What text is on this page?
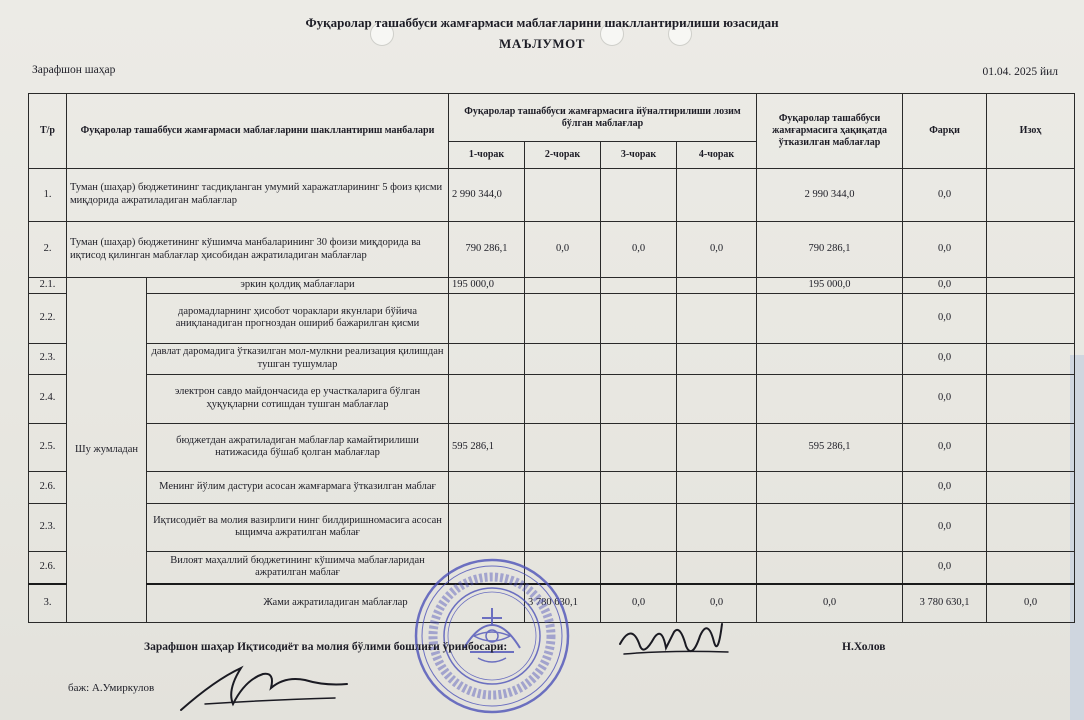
Фуқаролар ташаббуси жамғармаси маблағларини шакллантирилиши юзасидан
МАЪЛУМОТ
Зарафшон шаҳар	01.04. 2025 йил
Т/р	Фуқаролар ташаббуси жамғармаси маблағларини шакллантириш манбалари		Фуқаролар ташаббуси жамғармасига йўналтирилиши лозим бўлган маблағлар				Фуқаролар ташаббуси жамғармасига ҳақиқатда ўтказилган маблағлар	Фарқи	Изоҳ	
			1-чорак	2-чорак	3-чорак	4-чорак				
1.	Туман (шаҳар) бюджетининг тасдиқланган умумий харажатларининг 5 фоиз қисми миқдорида ажратиладиган маблағлар		2 990 344,0				2 990 344,0	0,0		
2.	Туман (шаҳар) бюджетининг кўшимча манбаларининг 30 фоизи миқдорида ва иқтисод қилинган маблағлар ҳисобидан ажратиладиган маблағлар		790 286,1	0,0	0,0	0,0	790 286,1	0,0		
2.1.	Шу жумладан	эркин қолдиқ маблағлари	195 000,0				195 000,0	0,0		
2.2.		даромадларнинг ҳисобот чораклари якунлари бўйича аниқланадиган прогноздан ошириб бажарилган қисми						0,0		
2.3.		давлат даромадига ўтказилган мол-мулкни реализация қилишдан тушган тушумлар						0,0		
2.4.		электрон савдо майдончасида ер участкаларига бўлган ҳуқуқларни сотишдан тушган маблағлар						0,0		
2.5.		бюджетдан ажратиладиган маблағлар камайтирилиши натижасида бўшаб қолган маблағлар	595 286,1				595 286,1	0,0		
2.6.		Менинг йўлим дастури асосан жамғармага ўтказилган маблағ						0,0		
2.3.		Иқтисодиёт ва молия вазирлиги нинг билдиришномасига асосан ыщимча ажратилган маблағ						0,0		
2.6.		Вилоят маҳаллий бюджетининг кўшимча маблағларидан ажратилган маблағ						0,0		
3.		Жами ажратиладиган маблағлар		3 780 630,1	0,0	0,0	0,0	3 780 630,1	0,0	
Зарафшон шаҳар Иқтисодиёт ва молия бўлими бошлиғи ўринбосари:	Н.Холов
баж: А.Умиркулов
